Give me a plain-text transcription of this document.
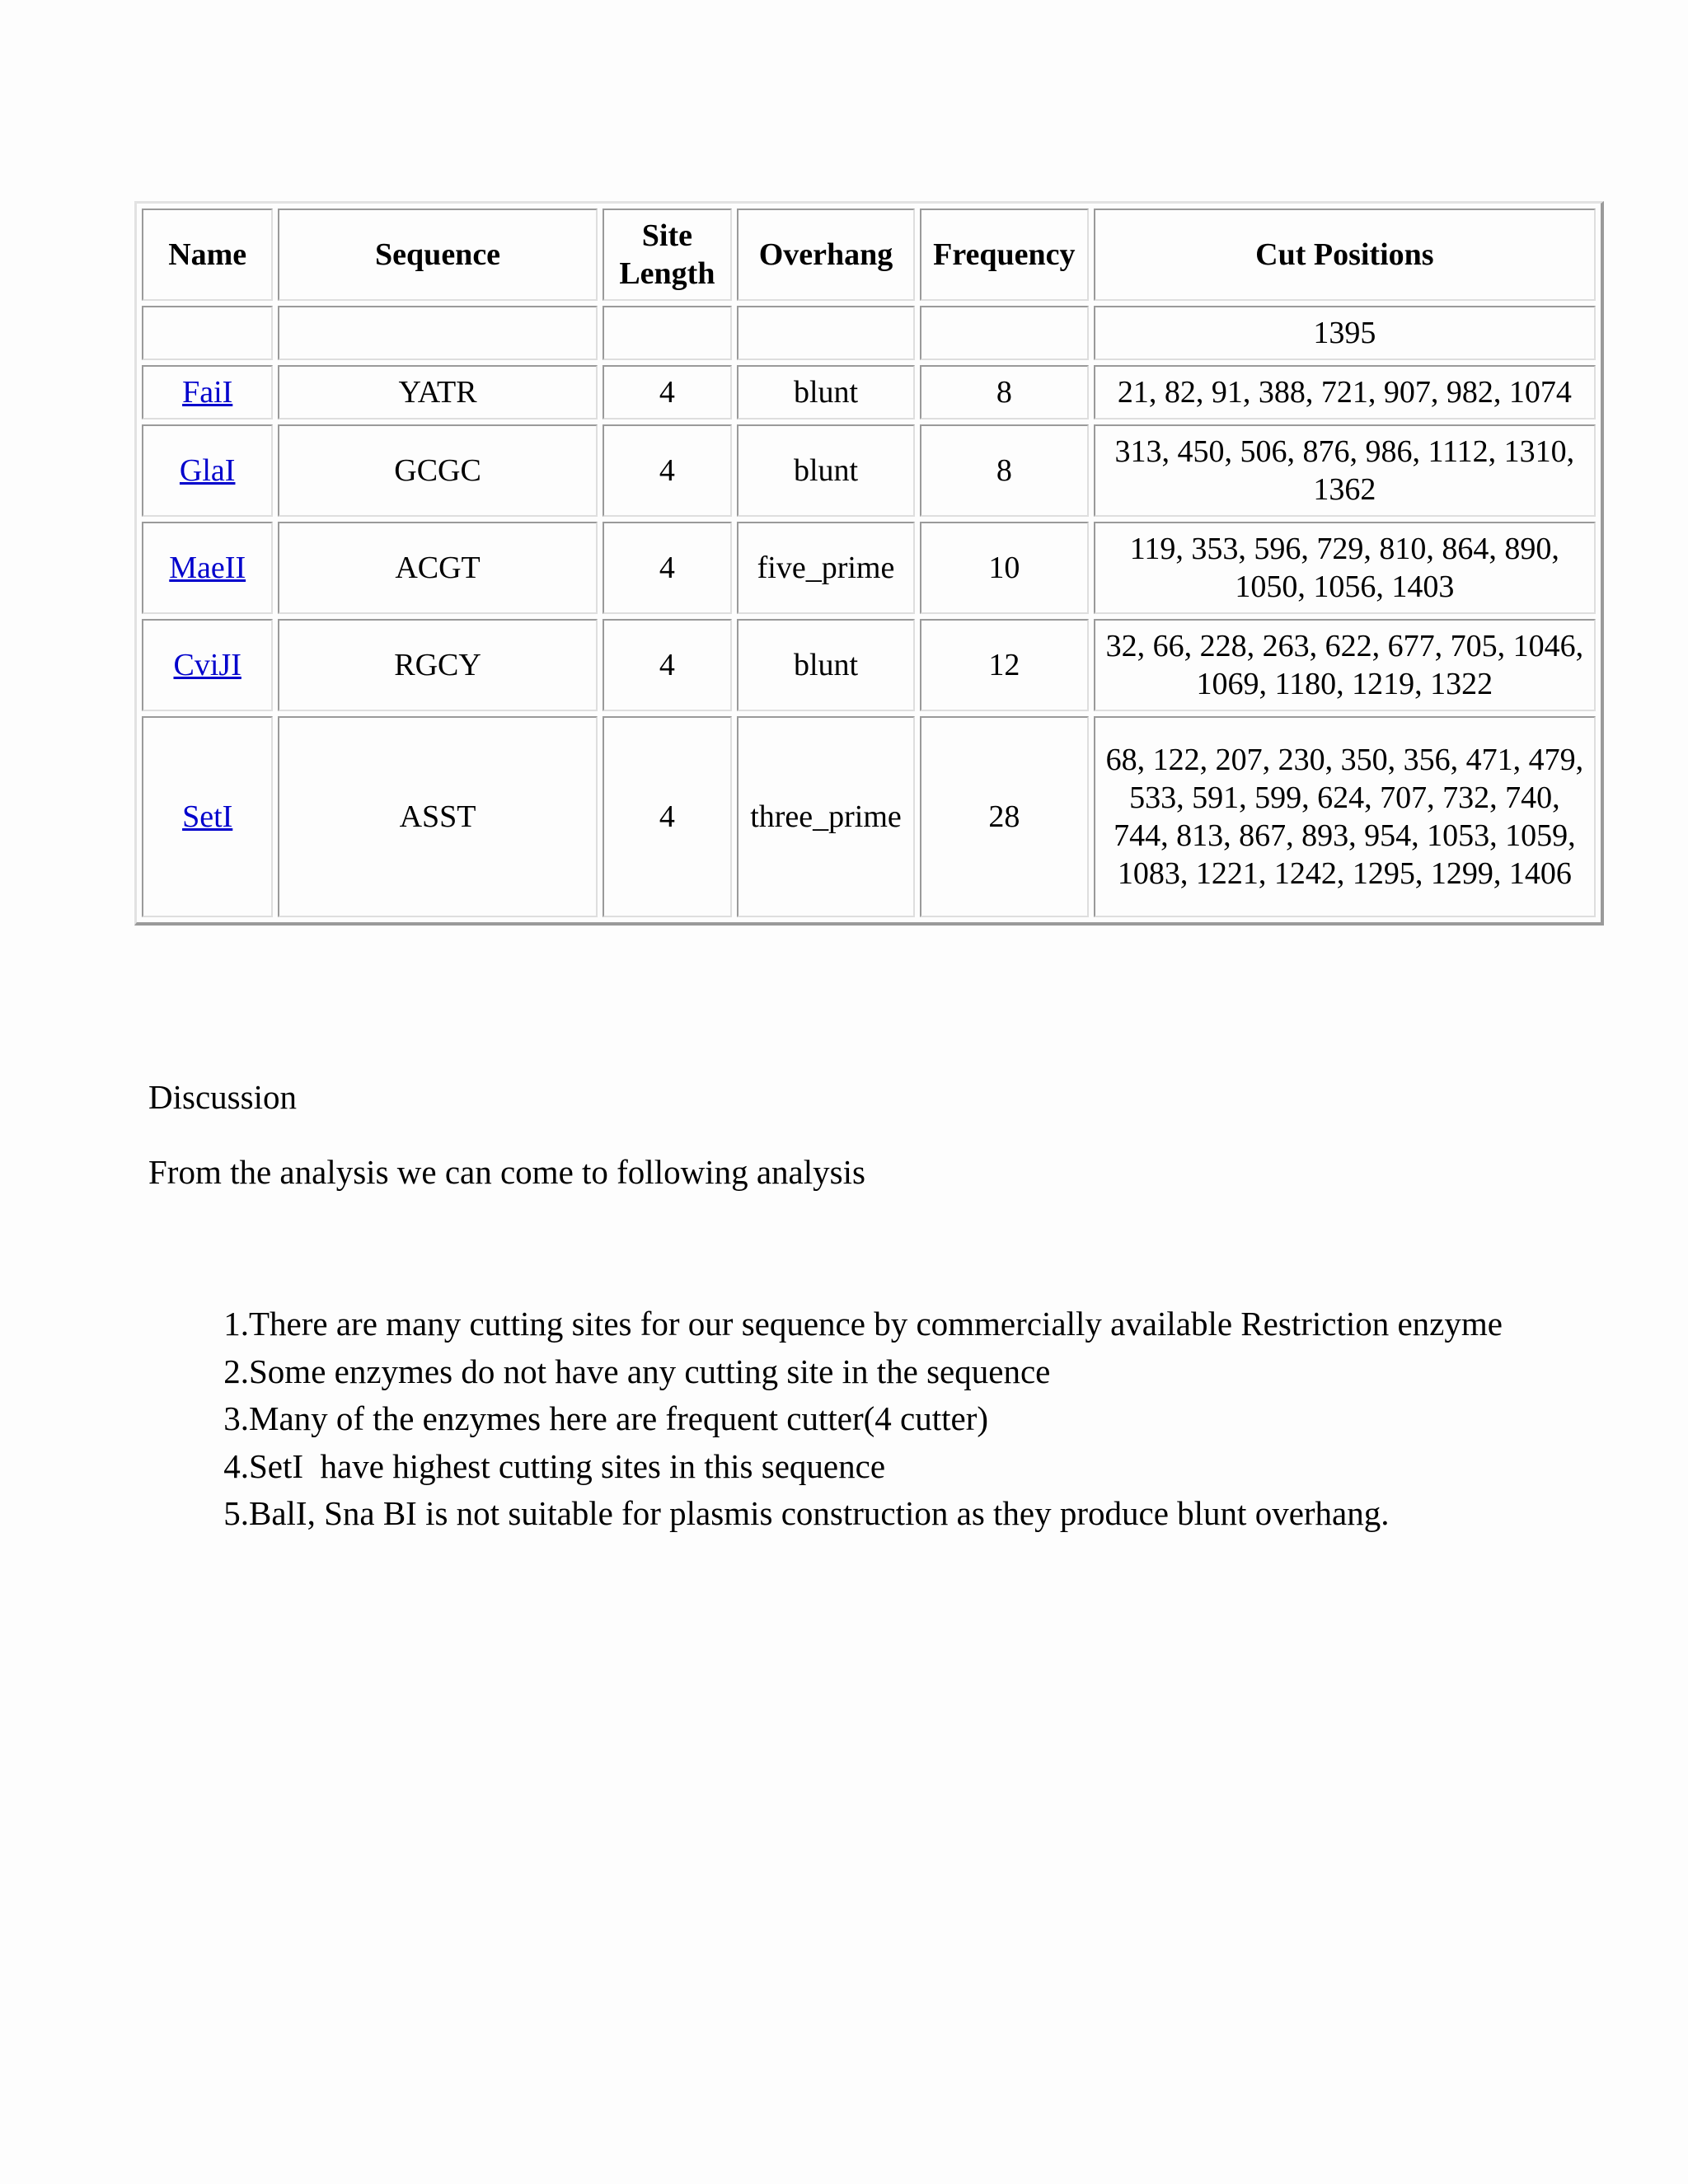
Name	Sequence	Site Length	Overhang	Frequency	Cut Positions
					1395
FaiI	YATR	4	blunt	8	21, 82, 91, 388, 721, 907, 982, 1074
GlaI	GCGC	4	blunt	8	313, 450, 506, 876, 986, 1112, 1310, 1362
MaeII	ACGT	4	five_prime	10	119, 353, 596, 729, 810, 864, 890, 1050, 1056, 1403
CviJI	RGCY	4	blunt	12	32, 66, 228, 263, 622, 677, 705, 1046, 1069, 1180, 1219, 1322
SetI	ASST	4	three_prime	28	68, 122, 207, 230, 350, 356, 471, 479, 533, 591, 599, 624, 707, 732, 740, 744, 813, 867, 893, 954, 1053, 1059, 1083, 1221, 1242, 1295, 1299, 1406
Discussion

From the analysis we can come to following analysis

1. There are many cutting sites for our sequence by commercially available Restriction enzyme
2. Some enzymes do not have any cutting site in the sequence
3. Many of the enzymes here are frequent cutter(4 cutter)
4. SetI  have highest cutting sites in this sequence
5. BalI, Sna BI is not suitable for plasmis construction as they produce blunt overhang.
